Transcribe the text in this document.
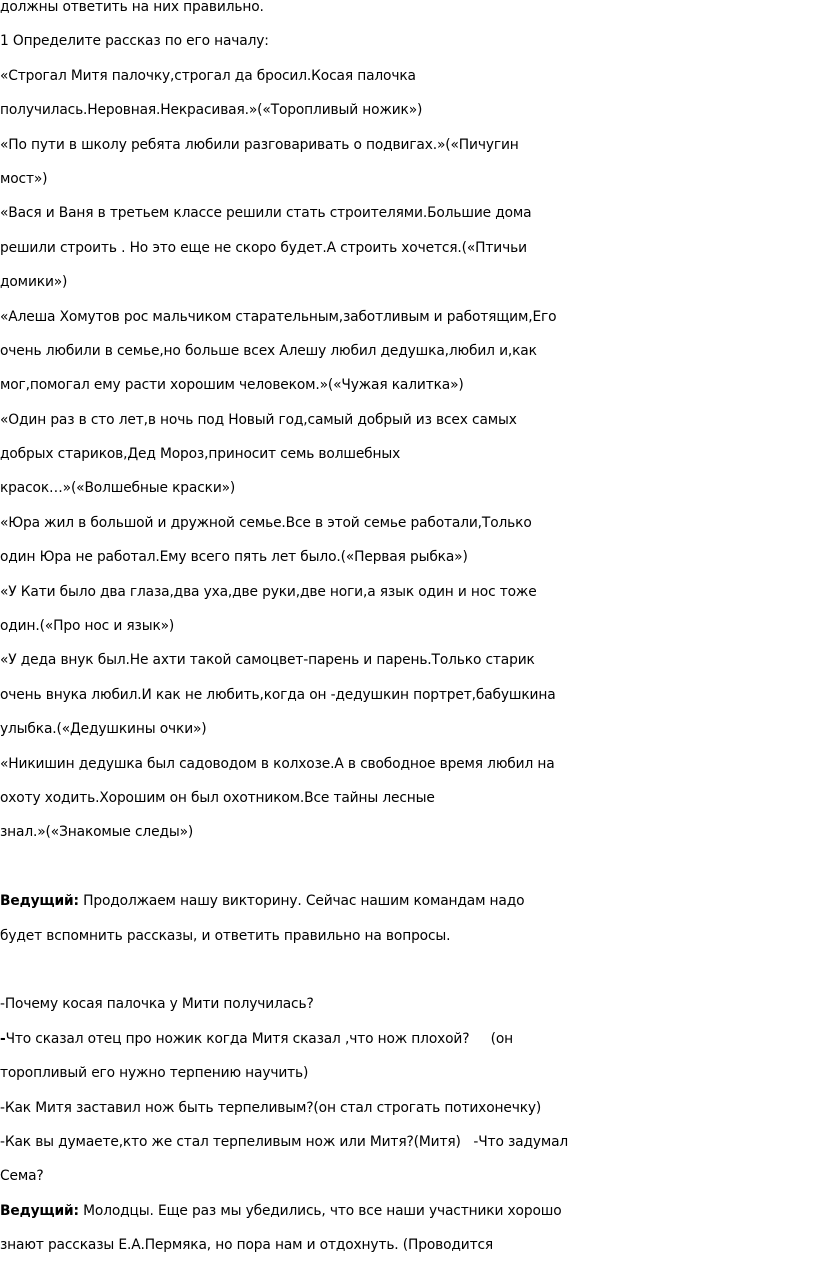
должны ответить на них правильно.
1 Определите рассказ по его началу:
«Строгал Митя палочку,строгал да бросил.Косая палочка
получилась.Неровная.Некрасивая.»(«Торопливый ножик»)
«По пути в школу ребята любили разговаривать о подвигах.»(«Пичугин
мост»)
«Вася и Ваня в третьем классе решили стать строителями.Большие дома
решили строить . Но это еще не скоро будет.А строить хочется.(«Птичьи
домики»)
«Алеша Хомутов рос мальчиком старательным,заботливым и работящим,Его
очень любили в семье,но больше всех Алешу любил дедушка,любил и,как
мог,помогал ему расти хорошим человеком.»(«Чужая калитка»)
«Один раз в сто лет,в ночь под Новый год,самый добрый из всех самых
добрых стариков,Дед Мороз,приносит семь волшебных
красок…»(«Волшебные краски»)
«Юра жил в большой и дружной семье.Все в этой семье работали,Только
один Юра не работал.Ему всего пять лет было.(«Первая рыбка»)
«У Кати было два глаза,два уха,две руки,две ноги,а язык один и нос тоже
один.(«Про нос и язык»)
«У деда внук был.Не ахти такой самоцвет-парень и парень.Только старик
очень внука любил.И как не любить,когда он -дедушкин портрет,бабушкина
улыбка.(«Дедушкины очки»)
«Никишин дедушка был садоводом в колхозе.А в свободное время любил на
охоту ходить.Хорошим он был охотником.Все тайны лесные
знал.»(«Знакомые следы»)
Ведущий: Продолжаем нашу викторину. Сейчас нашим командам надо
будет вспомнить рассказы, и ответить правильно на вопросы.
-Почему косая палочка у Мити получилась?
-Что сказал отец про ножик когда Митя сказал ,что нож плохой?     (он
торопливый его нужно терпению научить)
-Как Митя заставил нож быть терпеливым?(он стал строгать потихонечку)
-Как вы думаете,кто же стал терпеливым нож или Митя?(Митя)   -Что задумал
Сема?
Ведущий: Молодцы. Еще раз мы убедились, что все наши участники хорошо
знают рассказы Е.А.Пермяка, но пора нам и отдохнуть. (Проводится
